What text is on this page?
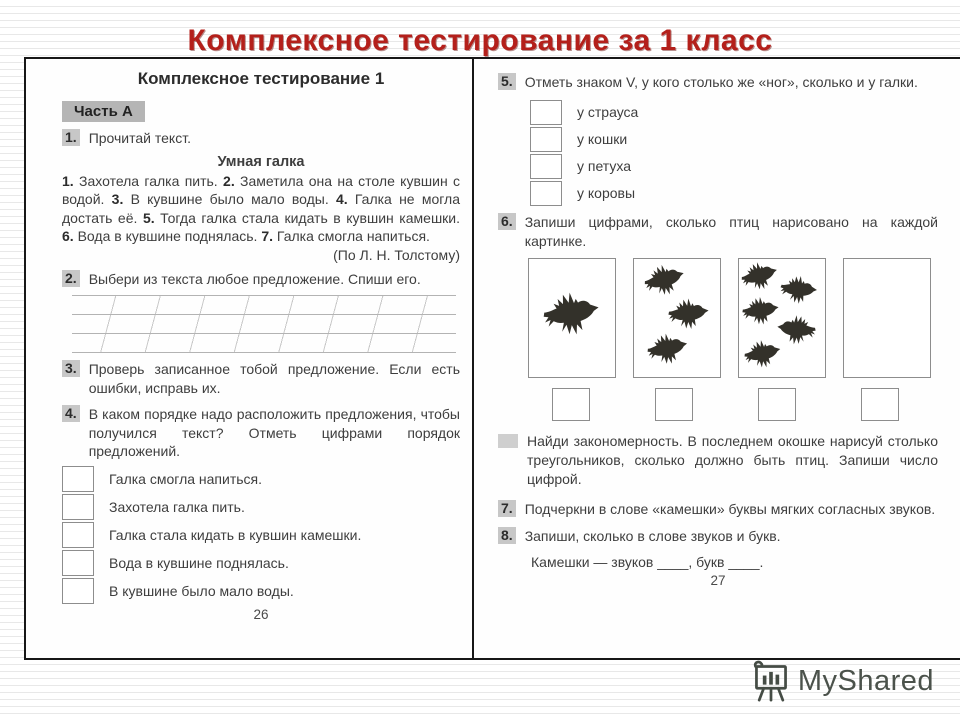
Комплексное тестирование за 1 класс
Комплексное тестирование 1
Часть А
1. Прочитай текст.
Умная галка

1. Захотела галка пить. 2. Заметила она на столе кувшин с водой. 3. В кувшине было мало воды. 4. Галка не могла достать её. 5. Тогда галка стала кидать в кувшин камешки. 6. Вода в кувшине поднялась. 7. Галка смогла напиться.

(По Л. Н. Толстому)
2. Выбери из текста любое предложение. Спиши его.
3. Проверь записанное тобой предложение. Если есть ошибки, исправь их.
4. В каком порядке надо расположить предложения, чтобы получился текст? Отметь цифрами порядок предложений.
Галка смогла напиться.
Захотела галка пить.
Галка стала кидать в кувшин камешки.
Вода в кувшине поднялась.
В кувшине было мало воды.
26
5. Отметь знаком V, у кого столько же «ног», сколько и у галки.
у страуса
у кошки
у петуха
у коровы
6. Запиши цифрами, сколько птиц нарисовано на каждой картинке.
Найди закономерность. В последнем окошке нарисуй столько треугольников, сколько должно быть птиц. Запиши число цифрой.
7. Подчеркни в слове «камешки» буквы мягких согласных звуков.
8. Запиши, сколько в слове звуков и букв.
Камешки — звуков ____, букв ____.
27
MyShared
